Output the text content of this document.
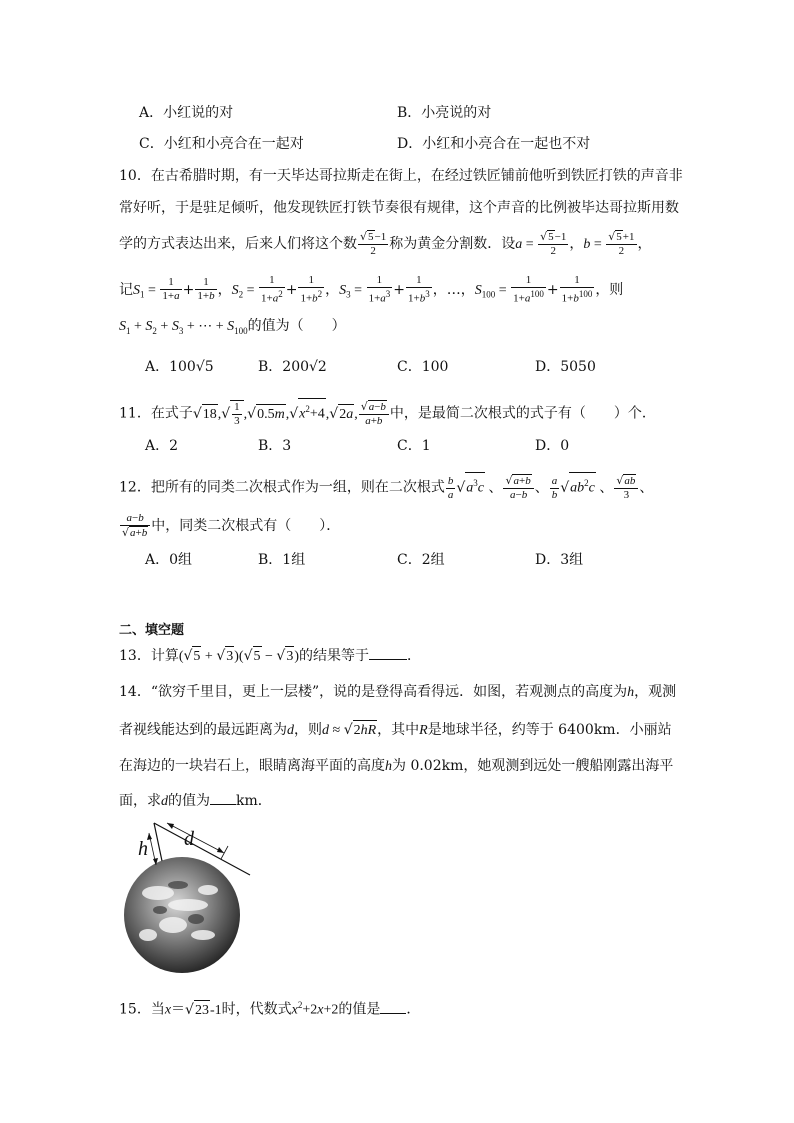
A．小红说的对	B．小亮说的对
C．小红和小亮合在一起对	D．小红和小亮合在一起也不对
10．在古希腊时期，有一天毕达哥拉斯走在街上，在经过铁匠铺前他听到铁匠打铁的声音非
常好听，于是驻足倾听，他发现铁匠打铁节奏很有规律，这个声音的比例被毕达哥拉斯用数
学的方式表达出来，后来人们将这个数 $\frac{√5-1}{2}$ 称为黄金分割数．设$a = \frac{√5-1}{2}$ ，$b = \frac{√5+1}{2}$ ，
记$S_1 = \frac{1}{1+a} + \frac{1}{1+b}$ ，$S_2 = \frac{1}{1+a^2} + \frac{1}{1+b^2}$ ，$S_3 = \frac{1}{1+a^3} + \frac{1}{1+b^3}$ ，…，$S_{100} = \frac{1}{1+a^{100}} + \frac{1}{1+b^{100}}$ ，则
$S_1 + S_2 + S_3$ + ⋯ + $S_{100}$的值为（　　）
A．100√5	B．200√2	C．100	D．5050
11．在式子$√18,√ \frac{1}{3} ,√0.5m,√x^2+4,√2a$, $\frac{√a-b}{a+b}$ 中，是最简二次根式的式子有（　　）个．
A．2	B．3	C．1	D．0
12．把所有的同类二次根式作为一组，则在二次根式 $\frac{b}{a} √a^3c$ 、 $\frac{√a+b}{a-b}$ 、 $\frac{a}{b} √ab^2c$ 、 $\frac{√ab}{3}$ 、
$\frac{a-b}{√a+b}$ 中，同类二次根式有（　　）．
A．0组	B．1组	C．2组	D．3组
二、填空题
13．计算(√5 + √3)(√5 − √3)的结果等于	．
14．“欲穷千里目，更上一层楼”，说的是登得高看得远．如图，若观测点的高度为h，观测
者视线能达到的最远距离为d，则d ≈ √2hR，其中R是地球半径，约等于 6400km．小丽站
在海边的一块岩石上，眼睛离海平面的高度h为 0.02km，她观测到远处一艘船刚露出海平
面，求d的值为 km．
h d
15．当x＝√23-1时，代数式$x^2+2x+2$的值是 ．
